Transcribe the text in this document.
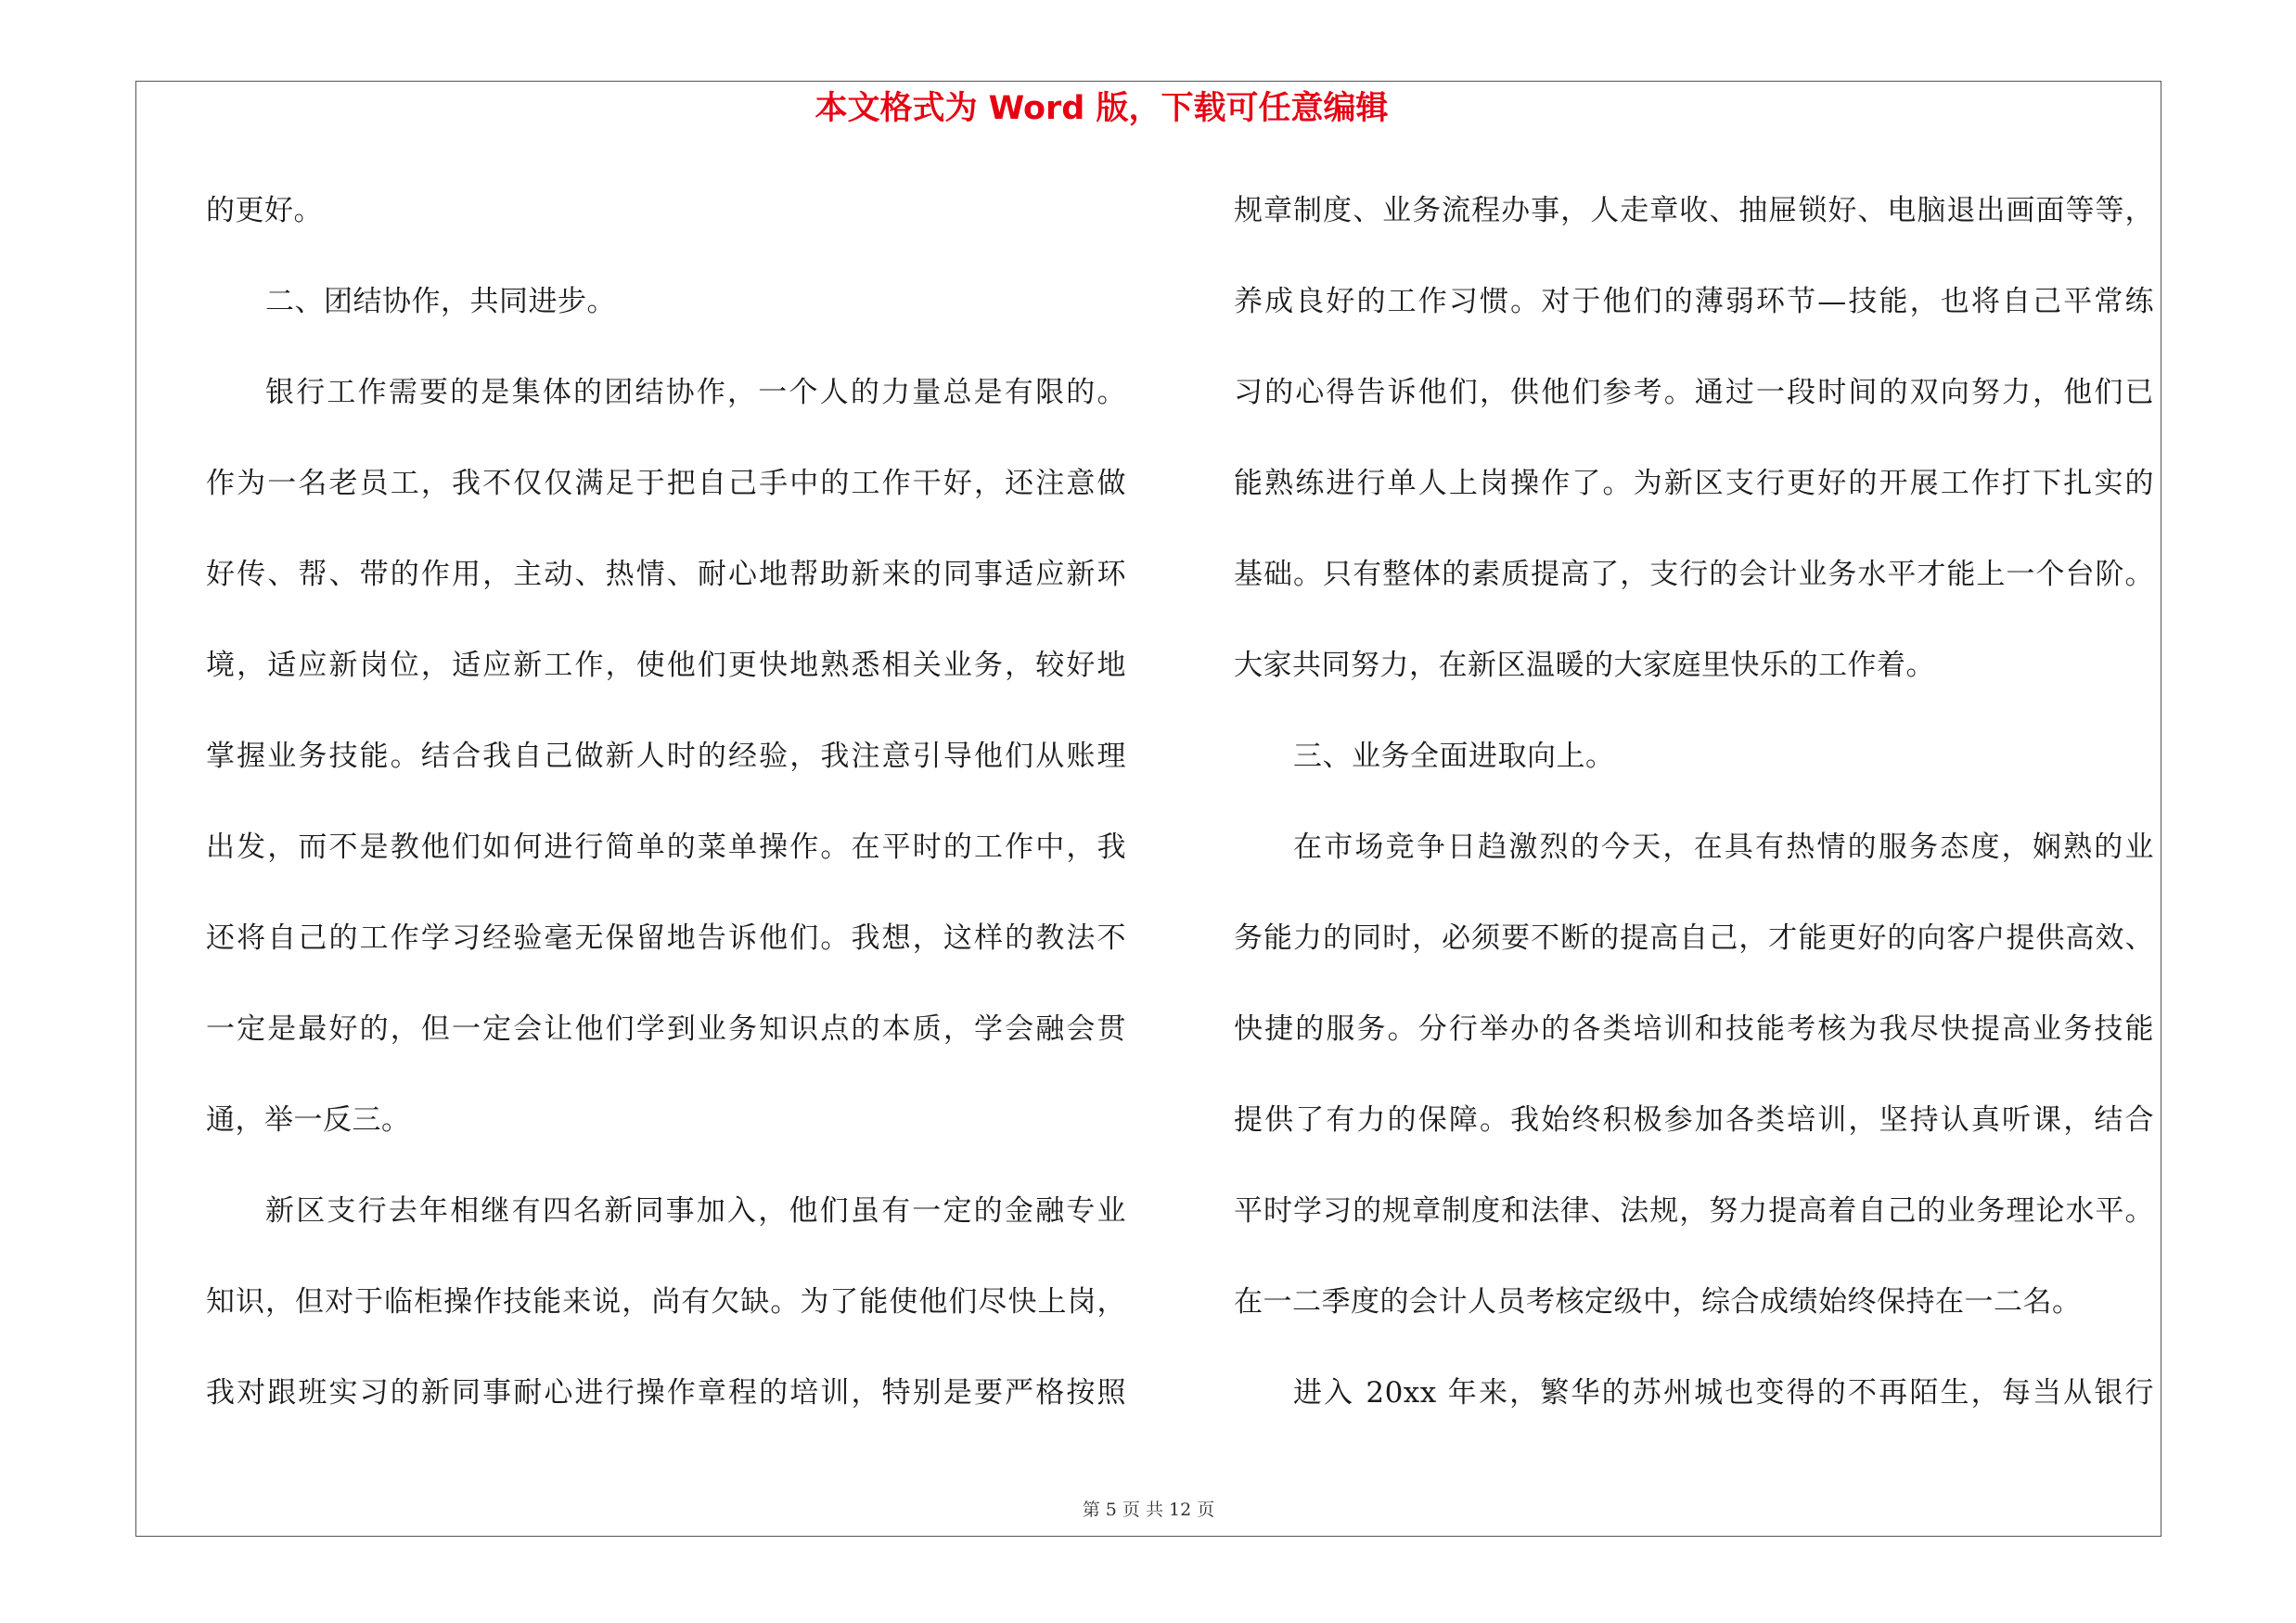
本文格式为 Word 版，下载可任意编辑
的更好。
二、团结协作，共同进步。
银行工作需要的是集体的团结协作，一个人的力量总是有限的。
作为一名老员工，我不仅仅满足于把自己手中的工作干好，还注意做
好传、帮、带的作用，主动、热情、耐心地帮助新来的同事适应新环
境，适应新岗位，适应新工作，使他们更快地熟悉相关业务，较好地
掌握业务技能。结合我自己做新人时的经验，我注意引导他们从账理
出发，而不是教他们如何进行简单的菜单操作。在平时的工作中，我
还将自己的工作学习经验毫无保留地告诉他们。我想，这样的教法不
一定是最好的，但一定会让他们学到业务知识点的本质，学会融会贯
通，举一反三。
新区支行去年相继有四名新同事加入，他们虽有一定的金融专业
知识，但对于临柜操作技能来说，尚有欠缺。为了能使他们尽快上岗，
我对跟班实习的新同事耐心进行操作章程的培训，特别是要严格按照
规章制度、业务流程办事，人走章收、抽屉锁好、电脑退出画面等等，
养成良好的工作习惯。对于他们的薄弱环节—技能，也将自己平常练
习的心得告诉他们，供他们参考。通过一段时间的双向努力，他们已
能熟练进行单人上岗操作了。为新区支行更好的开展工作打下扎实的
基础。只有整体的素质提高了，支行的会计业务水平才能上一个台阶。
大家共同努力，在新区温暖的大家庭里快乐的工作着。
三、业务全面进取向上。
在市场竞争日趋激烈的今天，在具有热情的服务态度，娴熟的业
务能力的同时，必须要不断的提高自己，才能更好的向客户提供高效、
快捷的服务。分行举办的各类培训和技能考核为我尽快提高业务技能
提供了有力的保障。我始终积极参加各类培训，坚持认真听课，结合
平时学习的规章制度和法律、法规，努力提高着自己的业务理论水平。
在一二季度的会计人员考核定级中，综合成绩始终保持在一二名。
进入 20xx 年来，繁华的苏州城也变得的不再陌生，每当从银行
第 5 页 共 12 页
